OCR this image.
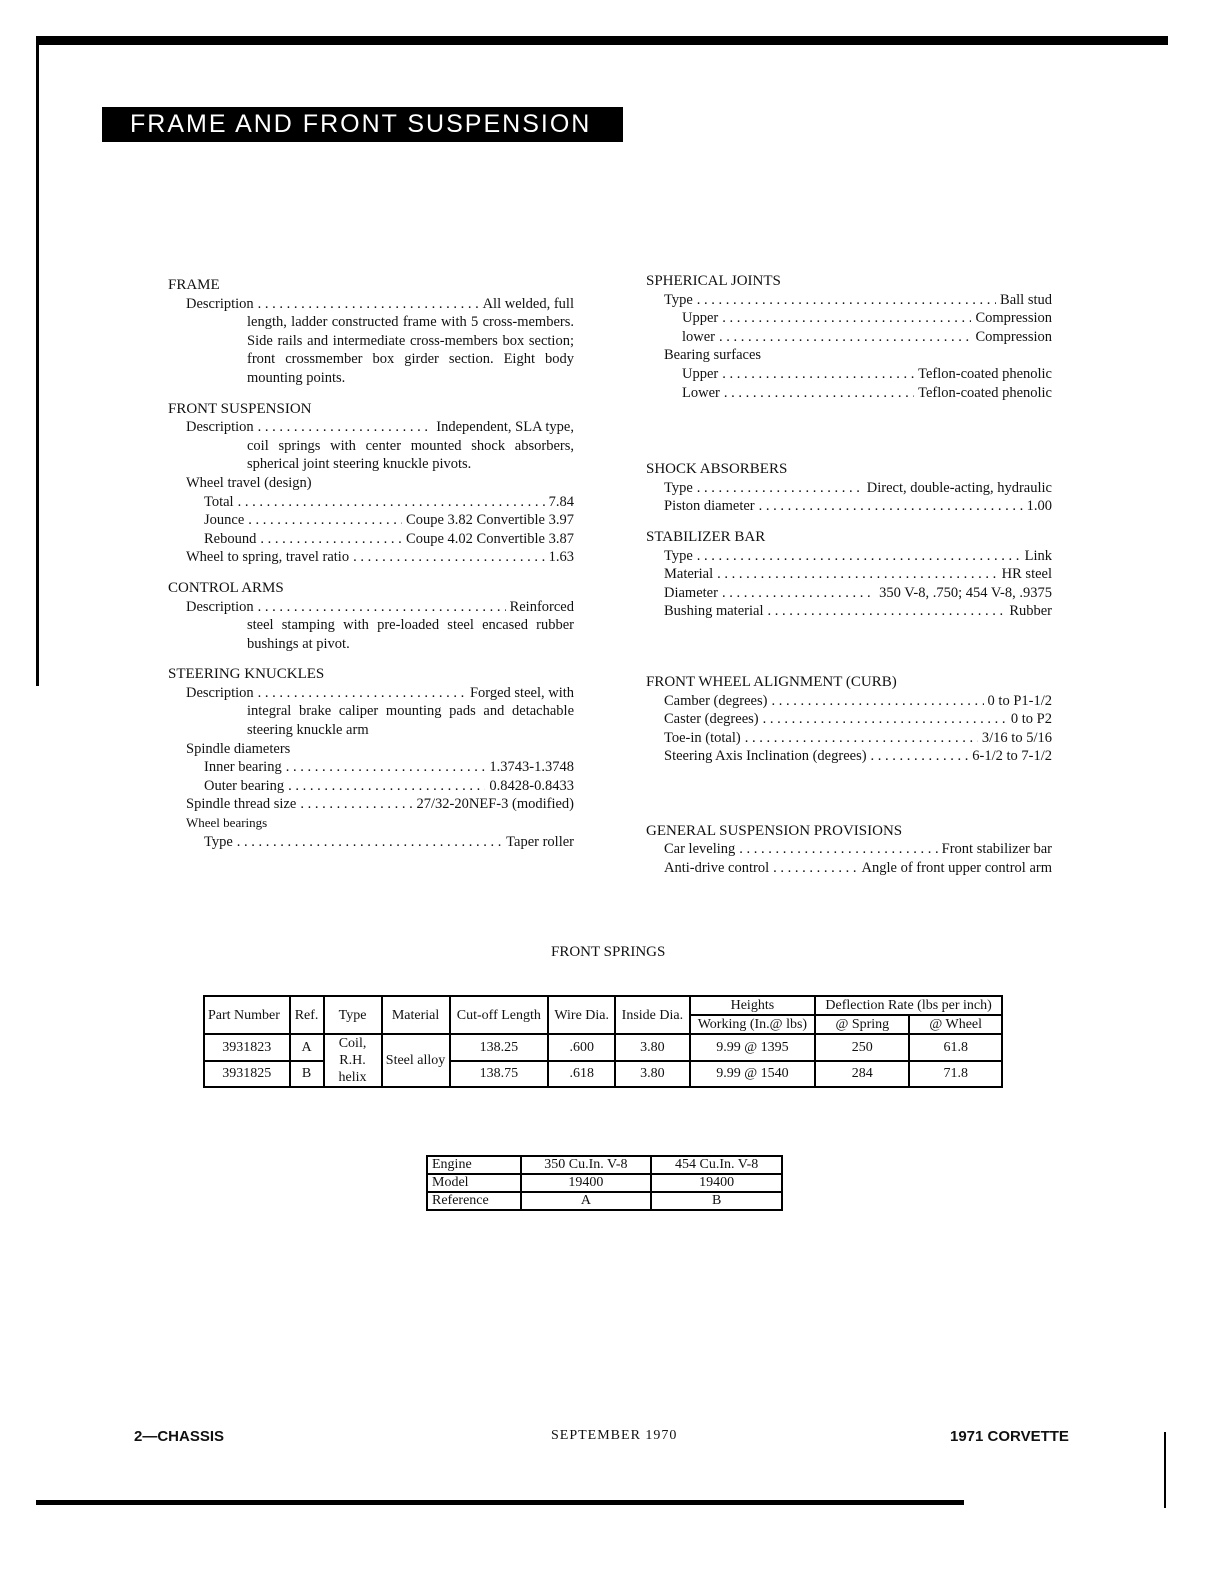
FRAME AND FRONT SUSPENSION

FRAME

Description . . .	All welded, full
length, ladder constructed frame with 5 cross-members. Side rails and intermediate cross-members box section; front crossmember box girder section. Eight body mounting points.

FRONT SUSPENSION

Description . . .	Independent, SLA type,
coil springs with center mounted shock absorbers, spherical joint steering knuckle pivots.
Wheel travel (design)
Total . . .	7.84
Jounce . . .	Coupe 3.82 Convertible 3.97
Rebound . . .	Coupe 4.02 Convertible 3.87
Wheel to spring, travel ratio . . .	1.63

CONTROL ARMS

Description . . .	Reinforced
steel stamping with pre-loaded steel encased rubber bushings at pivot.

STEERING KNUCKLES

Description . . .	Forged steel, with
integral brake caliper mounting pads and detachable steering knuckle arm
Spindle diameters
Inner bearing . . .	1.3743-1.3748
Outer bearing . . .	0.8428-0.8433
Spindle thread size . . .	27/32-20NEF-3 (modified)
Wheel bearings
Type . . .	Taper roller

SPHERICAL JOINTS

Type . . .	Ball stud
Upper . . .	Compression
lower . . .	Compression
Bearing surfaces
Upper . . .	Teflon-coated phenolic
Lower . . .	Teflon-coated phenolic

SHOCK ABSORBERS

Type . . .	Direct, double-acting, hydraulic
Piston diameter . . .	1.00

STABILIZER BAR

Type . . .	Link
Material . . .	HR steel
Diameter . . .	350 V-8, .750; 454 V-8, .9375
Bushing material . . .	Rubber

FRONT WHEEL ALIGNMENT (CURB)

Camber (degrees) . . .	0 to P1-1/2
Caster (degrees) . . .	0 to P2
Toe-in (total) . . .	3/16 to 5/16
Steering Axis Inclination (degrees) . . .	6-1/2 to 7-1/2

GENERAL SUSPENSION PROVISIONS

Car leveling . . .	Front stabilizer bar
Anti-drive control . . .	Angle of front upper control arm
FRONT SPRINGS
Part Number	Ref.	Type	Material	Cut-off Length	Wire Dia.	Inside Dia.	Heights	Deflection Rate (lbs per inch)	
							Working (In.@ lbs)		
								@ Spring	@ Wheel
3931823	A	Coil, R.H. helix	Steel alloy	138.25	.600	3.80	9.99 @ 1395	250	61.8
3931825	B			138.75	.618	3.80	9.99 @ 1540	284	71.8
Engine	350 Cu.In. V-8	454 Cu.In. V-8
Model	19400	19400
Reference	A	B
2—CHASSIS	SEPTEMBER 1970	1971 CORVETTE
